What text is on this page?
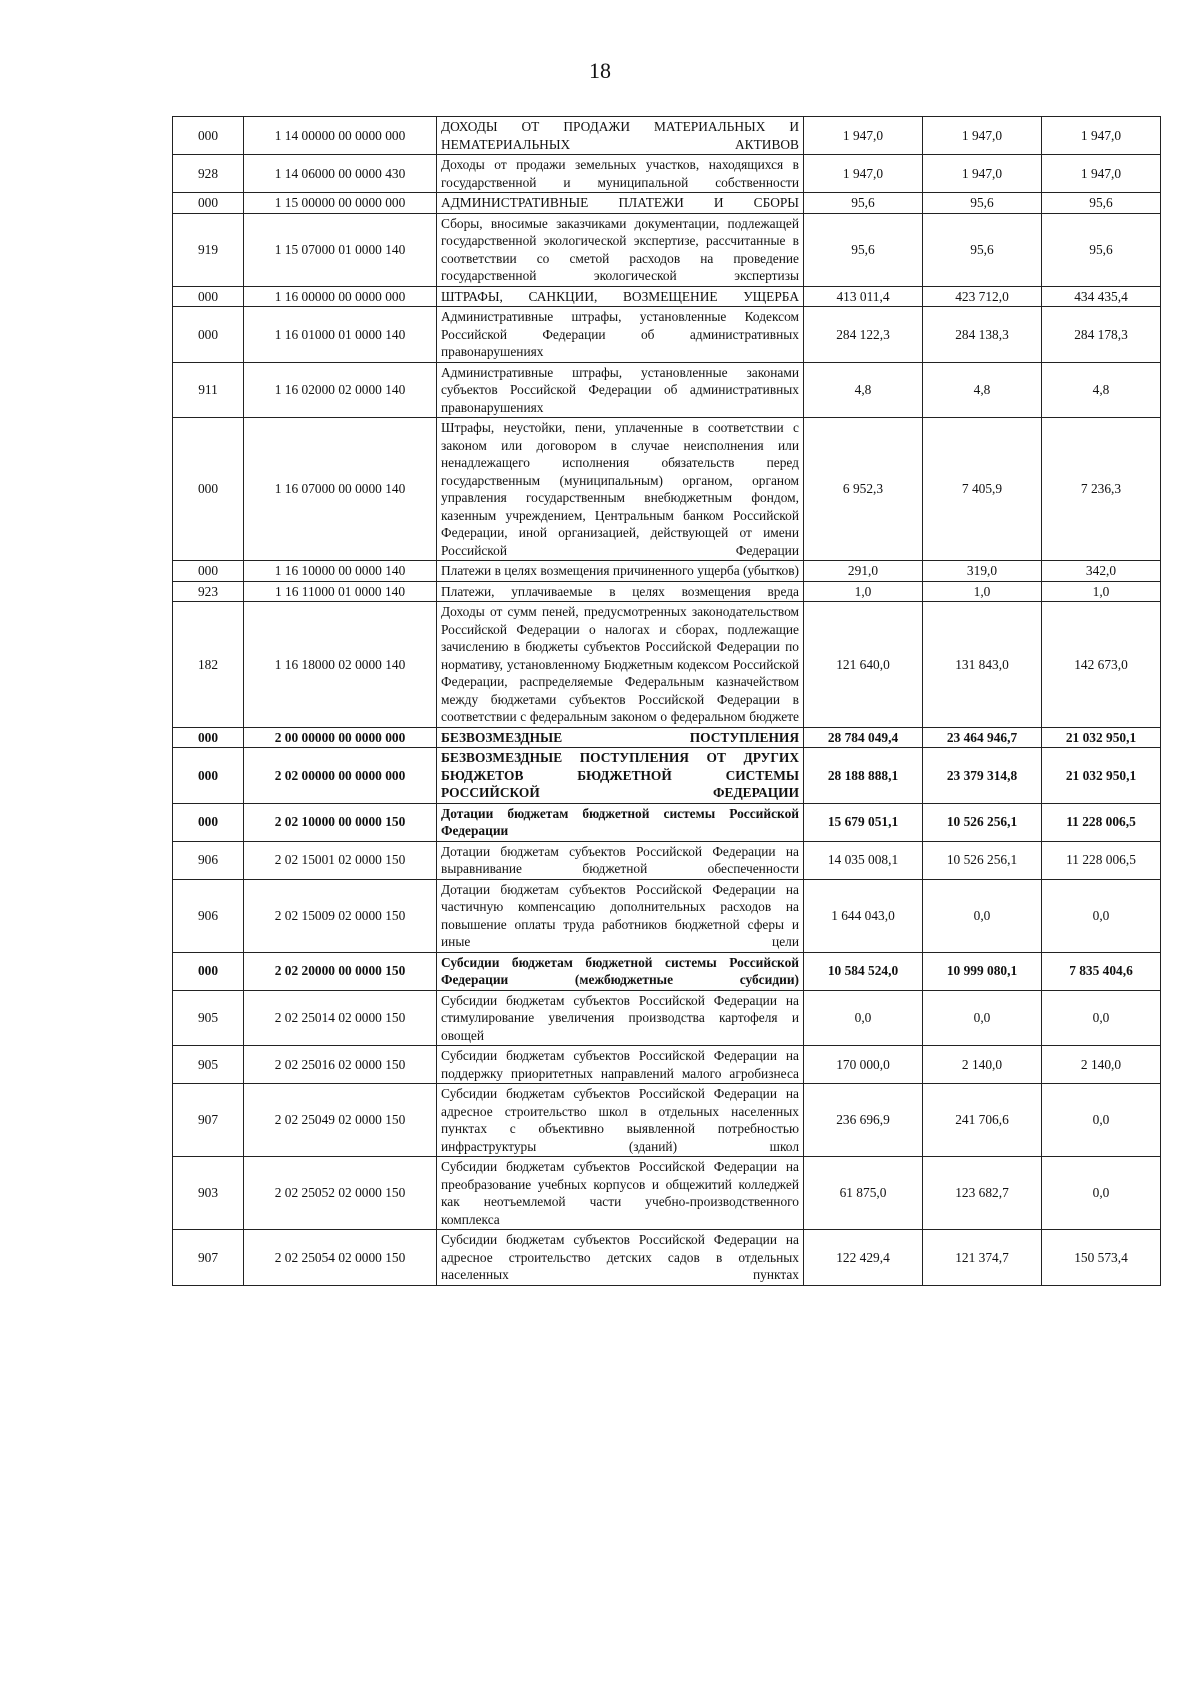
18
000	1 14 00000 00 0000 000	ДОХОДЫ ОТ ПРОДАЖИ МАТЕРИАЛЬНЫХ И НЕМАТЕРИАЛЬНЫХ АКТИВОВ	1 947,0	1 947,0	1 947,0
928	1 14 06000 00 0000 430	Доходы от продажи земельных участков, находящихся в государственной и муниципальной собственности	1 947,0	1 947,0	1 947,0
000	1 15 00000 00 0000 000	АДМИНИСТРАТИВНЫЕ ПЛАТЕЖИ И СБОРЫ	95,6	95,6	95,6
919	1 15 07000 01 0000 140	Сборы, вносимые заказчиками документации, подлежащей государственной экологической экспертизе, рассчитанные в соответствии со сметой расходов на проведение государственной экологической экспертизы	95,6	95,6	95,6
000	1 16 00000 00 0000 000	ШТРАФЫ, САНКЦИИ, ВОЗМЕЩЕНИЕ УЩЕРБА	413 011,4	423 712,0	434 435,4
000	1 16 01000 01 0000 140	Административные штрафы, установленные Кодексом Российской Федерации об административных правонарушениях	284 122,3	284 138,3	284 178,3
911	1 16 02000 02 0000 140	Административные штрафы, установленные законами субъектов Российской Федерации об административных правонарушениях	4,8	4,8	4,8
000	1 16 07000 00 0000 140	Штрафы, неустойки, пени, уплаченные в соответствии с законом или договором в случае неисполнения или ненадлежащего исполнения обязательств перед государственным (муниципальным) органом, органом управления государственным внебюджетным фондом, казенным учреждением, Центральным банком Российской Федерации, иной организацией, действующей от имени Российской Федерации	6 952,3	7 405,9	7 236,3
000	1 16 10000 00 0000 140	Платежи в целях возмещения причиненного ущерба (убытков)	291,0	319,0	342,0
923	1 16 11000 01 0000 140	Платежи, уплачиваемые в целях возмещения вреда	1,0	1,0	1,0
182	1 16 18000 02 0000 140	Доходы от сумм пеней, предусмотренных законодательством Российской Федерации о налогах и сборах, подлежащие зачислению в бюджеты субъектов Российской Федерации по нормативу, установленному Бюджетным кодексом Российской Федерации, распределяемые Федеральным казначейством между бюджетами субъектов Российской Федерации в соответствии с федеральным законом о федеральном бюджете	121 640,0	131 843,0	142 673,0
000	2 00 00000 00 0000 000	БЕЗВОЗМЕЗДНЫЕ ПОСТУПЛЕНИЯ	28 784 049,4	23 464 946,7	21 032 950,1
000	2 02 00000 00 0000 000	БЕЗВОЗМЕЗДНЫЕ ПОСТУПЛЕНИЯ ОТ ДРУГИХ БЮДЖЕТОВ БЮДЖЕТНОЙ СИСТЕМЫ РОССИЙСКОЙ ФЕДЕРАЦИИ	28 188 888,1	23 379 314,8	21 032 950,1
000	2 02 10000 00 0000 150	Дотации бюджетам бюджетной системы Российской Федерации	15 679 051,1	10 526 256,1	11 228 006,5
906	2 02 15001 02 0000 150	Дотации бюджетам субъектов Российской Федерации на выравнивание бюджетной обеспеченности	14 035 008,1	10 526 256,1	11 228 006,5
906	2 02 15009 02 0000 150	Дотации бюджетам субъектов Российской Федерации на частичную компенсацию дополнительных расходов на повышение оплаты труда работников бюджетной сферы и иные цели	1 644 043,0	0,0	0,0
000	2 02 20000 00 0000 150	Субсидии бюджетам бюджетной системы Российской Федерации (межбюджетные субсидии)	10 584 524,0	10 999 080,1	7 835 404,6
905	2 02 25014 02 0000 150	Субсидии бюджетам субъектов Российской Федерации на стимулирование увеличения производства картофеля и овощей	0,0	0,0	0,0
905	2 02 25016 02 0000 150	Субсидии бюджетам субъектов Российской Федерации на поддержку приоритетных направлений малого агробизнеса	170 000,0	2 140,0	2 140,0
907	2 02 25049 02 0000 150	Субсидии бюджетам субъектов Российской Федерации на адресное строительство школ в отдельных населенных пунктах с объективно выявленной потребностью инфраструктуры (зданий) школ	236 696,9	241 706,6	0,0
903	2 02 25052 02 0000 150	Субсидии бюджетам субъектов Российской Федерации на преобразование учебных корпусов и общежитий колледжей как неотъемлемой части учебно-производственного комплекса	61 875,0	123 682,7	0,0
907	2 02 25054 02 0000 150	Субсидии бюджетам субъектов Российской Федерации на адресное строительство детских садов в отдельных населенных пунктах	122 429,4	121 374,7	150 573,4
